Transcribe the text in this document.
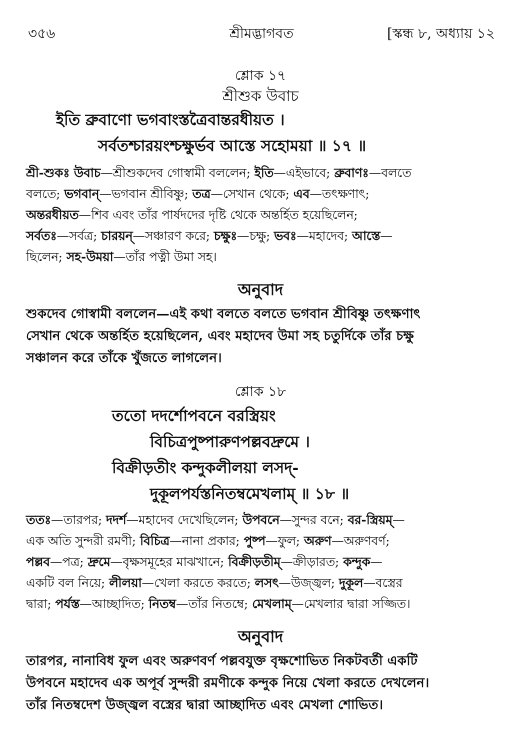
৩৫৬	শ্রীমদ্ভাগবত	[স্কন্ধ ৮, অধ্যায় ১২
শ্লোক ১৭
শ্রীশুক উবাচ
ইতি ব্রুবাণো ভগবাংস্তত্রৈবান্তরধীয়ত ।
সর্বতশ্চারয়ংশ্চক্ষুর্ভব আস্তে সহোময়া ॥ ১৭ ॥
শ্রী-শুকঃ উবাচ—শ্রীশুকদেব গোস্বামী বললেন; ইতি—এইভাবে; ব্রুবাণঃ—বলতে
বলতে; ভগবান্—ভগবান শ্রীবিষ্ণু; তত্র—সেখান থেকে; এব—তৎক্ষণাৎ;
অন্তরধীয়ত—শিব এবং তাঁর পার্ষদদের দৃষ্টি থেকে অন্তর্হিত হয়েছিলেন;
সর্বতঃ—সর্বত্র; চারয়ন্—সঞ্চারণ করে; চক্ষুঃ—চক্ষু; ভবঃ—মহাদেব; আস্তে—
ছিলেন; সহ-উময়া—তাঁর পত্নী উমা সহ।
অনুবাদ
শুকদেব গোস্বামী বললেন—এই কথা বলতে বলতে ভগবান শ্রীবিষ্ণু তৎক্ষণাৎ
সেখান থেকে অন্তর্হিত হয়েছিলেন, এবং মহাদেব উমা সহ চতুর্দিকে তাঁর চক্ষু
সঞ্চালন করে তাঁকে খুঁজতে লাগলেন।
শ্লোক ১৮
ততো দদর্শোপবনে বরস্ত্রিয়ং
বিচিত্রপুষ্পারুণপল্লবদ্রুমে ।
বিক্রীড়তীং কন্দুকলীলয়া লসদ্-
দুকূলপর্যস্তনিতম্বমেখলাম্ ॥ ১৮ ॥
ততঃ—তারপর; দদর্শ—মহাদেব দেখেছিলেন; উপবনে—সুন্দর বনে; বর-স্ত্রিয়ম্—
এক অতি সুন্দরী রমণী; বিচিত্র—নানা প্রকার; পুষ্প—ফুল; অরুণ—অরুণবর্ণ;
পল্লব—পত্র; দ্রুমে—বৃক্ষসমূহের মাঝখানে; বিক্রীড়তীম্—ক্রীড়ারত; কন্দুক—
একটি বল নিয়ে; লীলয়া—খেলা করতে করতে; লসৎ—উজ্জ্বল; দুকূল—বস্ত্রের
দ্বারা; পর্যস্ত—আচ্ছাদিত; নিতম্ব—তাঁর নিতম্বে; মেখলাম্—মেখলার দ্বারা সজ্জিত।
অনুবাদ
তারপর, নানাবিধ ফুল এবং অরুণবর্ণ পল্লবযুক্ত বৃক্ষশোভিত নিকটবর্তী একটি
উপবনে মহাদেব এক অপূর্ব সুন্দরী রমণীকে কন্দুক নিয়ে খেলা করতে দেখলেন।
তাঁর নিতম্বদেশ উজ্জ্বল বস্ত্রের দ্বারা আচ্ছাদিত এবং মেখলা শোভিত।
